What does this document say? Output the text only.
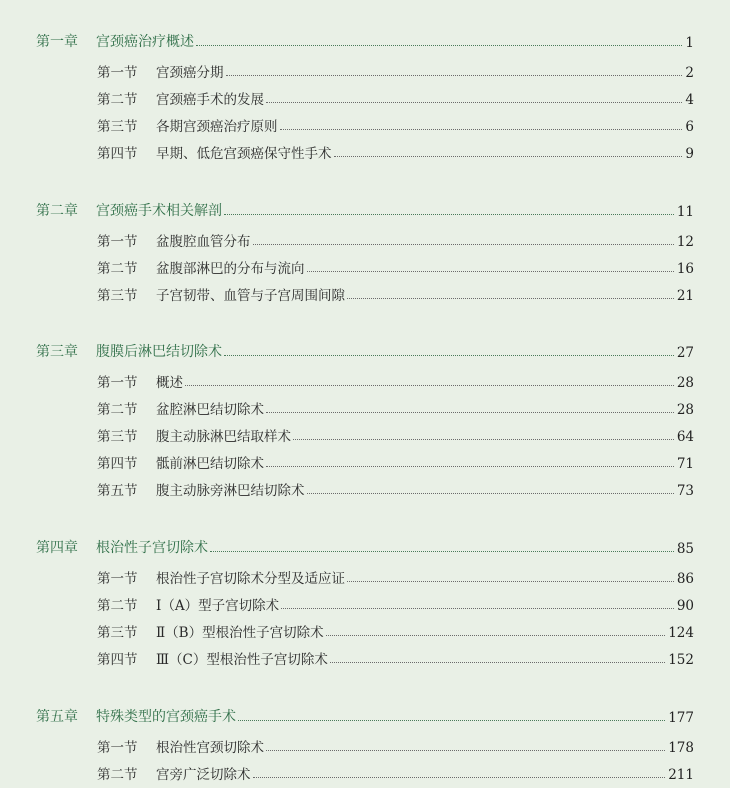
第一章	宫颈癌治疗概述	1
第一节	宫颈癌分期	2
第二节	宫颈癌手术的发展	4
第三节	各期宫颈癌治疗原则	6
第四节	早期、低危宫颈癌保守性手术	9
第二章	宫颈癌手术相关解剖	11
第一节	盆腹腔血管分布	12
第二节	盆腹部淋巴的分布与流向	16
第三节	子宫韧带、血管与子宫周围间隙	21
第三章	腹膜后淋巴结切除术	27
第一节	概述	28
第二节	盆腔淋巴结切除术	28
第三节	腹主动脉淋巴结取样术	64
第四节	骶前淋巴结切除术	71
第五节	腹主动脉旁淋巴结切除术	73
第四章	根治性子宫切除术	85
第一节	根治性子宫切除术分型及适应证	86
第二节	Ⅰ（A）型子宫切除术	90
第三节	Ⅱ（B）型根治性子宫切除术	124
第四节	Ⅲ（C）型根治性子宫切除术	152
第五章	特殊类型的宫颈癌手术	177
第一节	根治性宫颈切除术	178
第二节	宫旁广泛切除术	211
